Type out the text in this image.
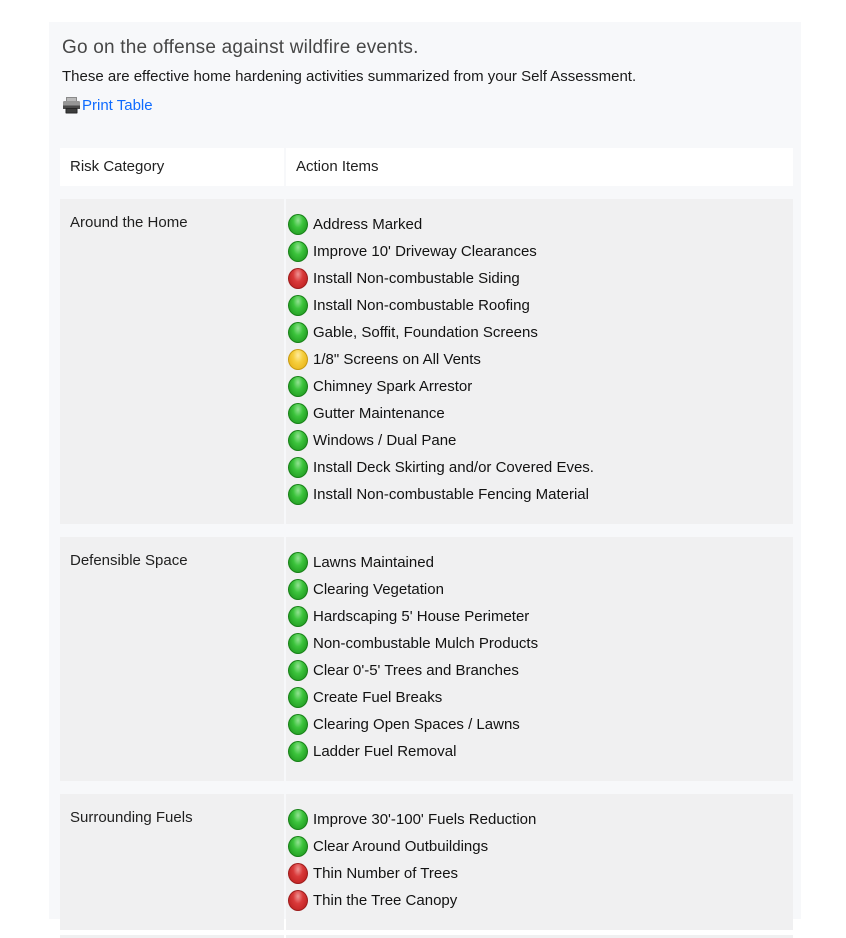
Go on the offense against wildfire events.
These are effective home hardening activities summarized from your Self Assessment.
Print Table
Risk Category	Action Items
Around the Home	Address Marked
Improve 10' Driveway Clearances
Install Non-combustable Siding
Install Non-combustable Roofing
Gable, Soffit, Foundation Screens
1/8" Screens on All Vents
Chimney Spark Arrestor
Gutter Maintenance
Windows / Dual Pane
Install Deck Skirting and/or Covered Eves.
Install Non-combustable Fencing Material
Defensible Space	Lawns Maintained
Clearing Vegetation
Hardscaping 5' House Perimeter
Non-combustable Mulch Products
Clear 0'-5' Trees and Branches
Create Fuel Breaks
Clearing Open Spaces / Lawns
Ladder Fuel Removal
Surrounding Fuels	Improve 30'-100' Fuels Reduction
Clear Around Outbuildings
Thin Number of Trees
Thin the Tree Canopy
